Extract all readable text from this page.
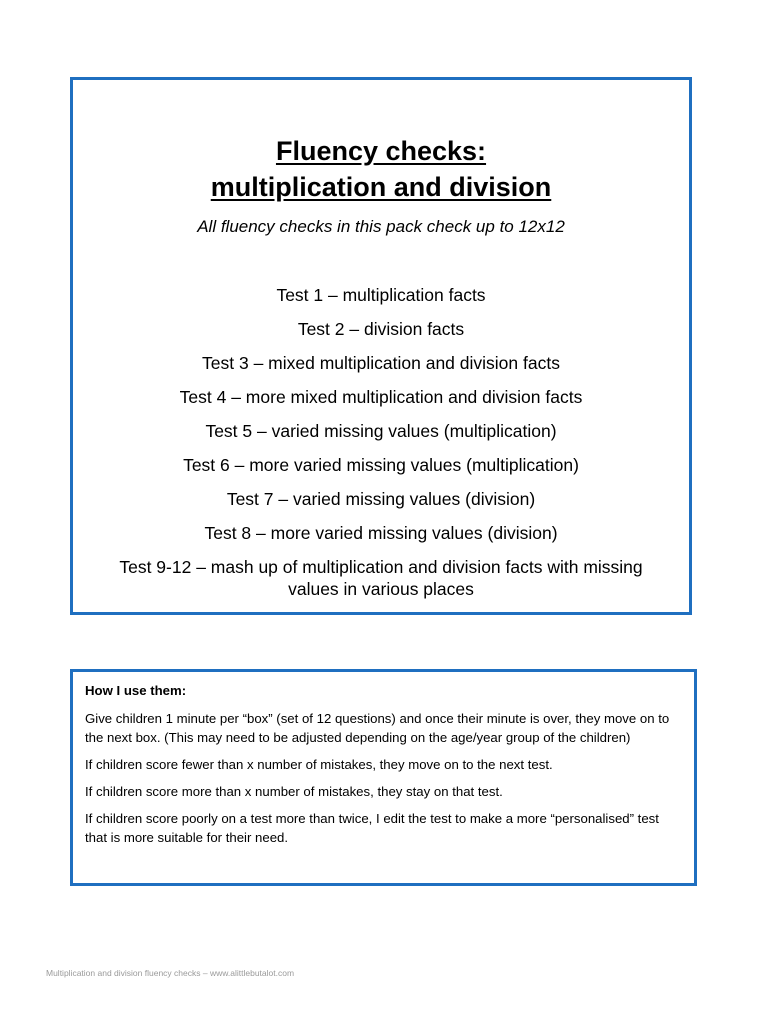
Fluency checks:
multiplication and division
All fluency checks in this pack check up to 12x12
Test 1 – multiplication facts
Test 2 – division facts
Test 3 – mixed multiplication and division facts
Test 4 – more mixed multiplication and division facts
Test 5 – varied missing values (multiplication)
Test 6 – more varied missing values (multiplication)
Test 7 – varied missing values (division)
Test 8 – more varied missing values (division)
Test 9-12 – mash up of multiplication and division facts with missing values in various places

How I use them:

Give children 1 minute per “box” (set of 12 questions) and once their minute is over, they move on to the next box. (This may need to be adjusted depending on the age/year group of the children)

If children score fewer than x number of mistakes, they move on to the next test.

If children score more than x number of mistakes, they stay on that test.

If children score poorly on a test more than twice, I edit the test to make a more “personalised” test that is more suitable for their need.

Multiplication and division fluency checks – www.alittlebutalot.com
